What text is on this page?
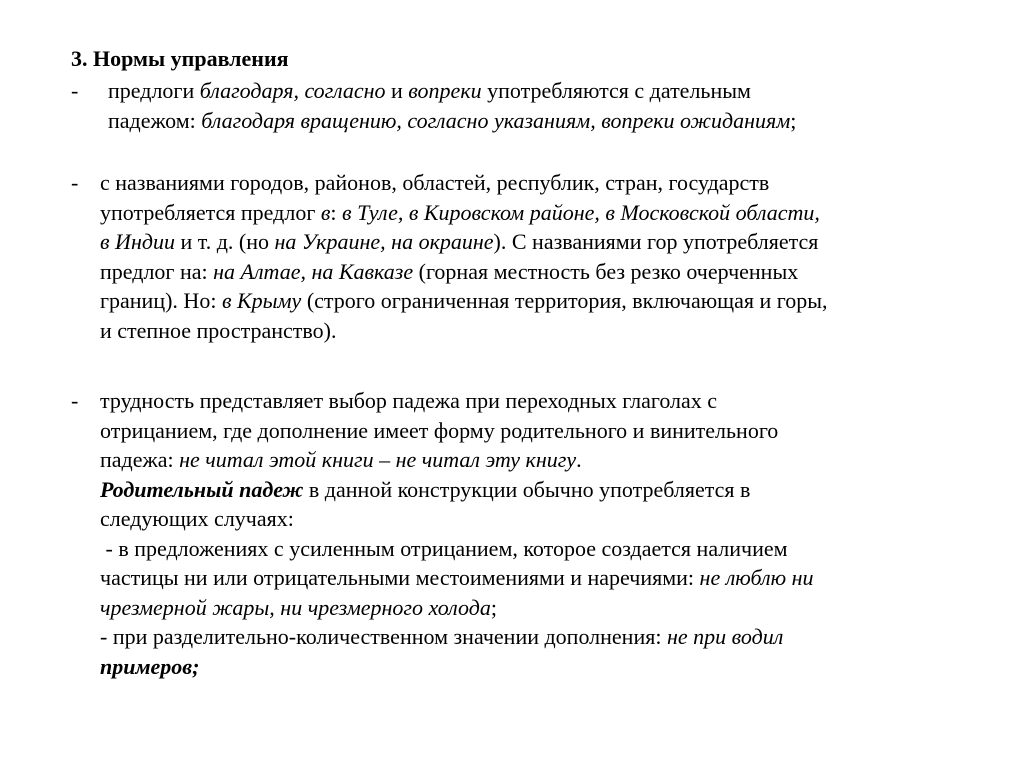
3. Нормы управления
- предлоги благодаря, согласно и вопреки употребляются с дательным
падежом: благодаря вращению, согласно указаниям, вопреки ожиданиям;
- с названиями городов, районов, областей, республик, стран, государств
употребляется предлог в: в Туле, в Кировском районе, в Московской области,
в Индии и т. д. (но на Украине, на окраине). С названиями гор употребляется
предлог на: на Алтае, на Кавказе (горная местность без резко очерченных
границ). Но: в Крыму (строго ограниченная территория, включающая и горы,
и степное пространство).
- трудность представляет выбор падежа при переходных глаголах с
отрицанием, где дополнение имеет форму родительного и винительного
падежа: не читал этой книги – не читал эту книгу.
Родительный падеж в данной конструкции обычно употребляется в
следующих случаях:
- в предложениях с усиленным отрицанием, которое создается наличием
частицы ни или отрицательными местоимениями и наречиями: не люблю ни
чрезмерной жары, ни чрезмерного холода;
- при разделительно-количественном значении дополнения: не при водил
примеров;
